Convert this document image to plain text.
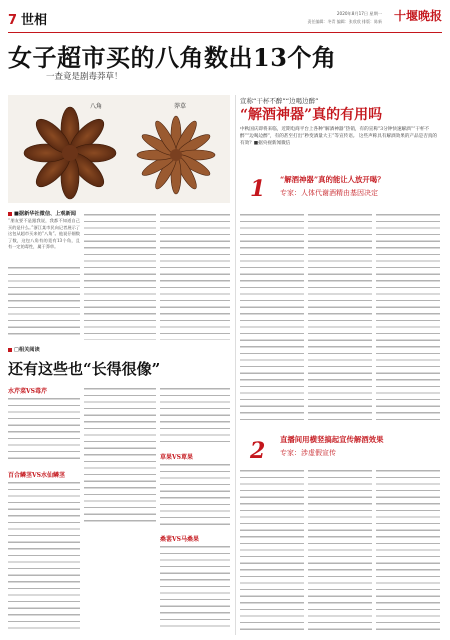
7 世相	2020年8月17日 星期一
责任编辑：冬青 编辑：张欣欣 排版：陈新 十堰晚报
女子超市买的八角数出13个角
一查竟是剧毒莽草！
八角	莽草
■据新华社微信、上观新闻
“朋友要不是跟我说，我都不知道自己买的是什么。”浙江某市民向记者展示了这包从超市买来的“八角”。他说仔细数了数，这包八角有的竟有13个角，且有一定的毒性，属于莽草。
□相关阅读
还有这些也“长得很像”
水芹菜VS毒芹
百合鳞茎VS水仙鳞茎
草果VS萆果
桑葚VS马桑果
宣称“干杯不醉”“边喝边醉”
“解酒神器”真的有用吗
中秋国庆即将来临，近期电商平台上各种“解酒神器”热销，有的宣称“3分钟快速解酒”“干杯不醉”“边喝边醉”，有的甚至打出“秒变酒量大王”等宣传语。 这些声称具有解酒效果的产品是否真的有效？■据央视新闻微信
1 “解酒神器”真的能让人放开喝？
专家：人体代谢酒精由基因决定
2 直播间用横竖搞起宣传解酒效果
专家：涉虚假宣传
